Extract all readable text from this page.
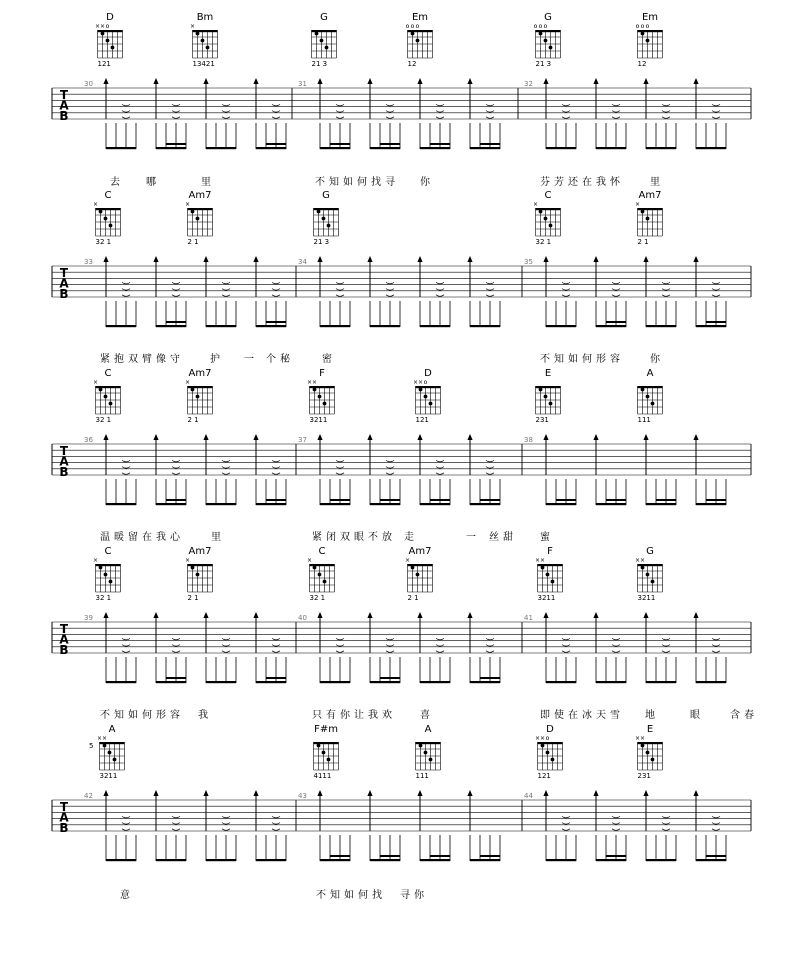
T
A
B
30	31	32
D
× × o
121
Bm
×
13421
G
21 3
Em
o o o
12
G
o o o
21 3
Em
o o o
12
去 哪	里	不知如何找寻 你	芬芳还在我怀	里
T
A
B
33	34	35
C
×
32 1
Am7
×
2 1
G
21 3
C
×
32 1
Am7
×
2 1
紧抱双臂像守	护 一 个秘	密	不知如何形容	你
T
A
B
36	37	38
C
×
32 1
Am7
×
2 1
F
× ×
3211
D
× × o
121
E
231
A
111
温暖留在我心	里	紧闭双眼不放 走	一 丝甜 蜜
T
A
B
39	40	41
C
×
32 1
Am7
×
2 1
C
×
32 1
Am7
×
2 1
F
× ×
3211
G
× ×
3211
不知如何形容 我	只有你让我欢 喜	即使在冰天雪 地	眼	含春
T
A
B
42	43	44
A
5
× ×
3211
F#m
4111
A
111
D
× × o
121
E
× ×
231
意	不知如何找 寻你
